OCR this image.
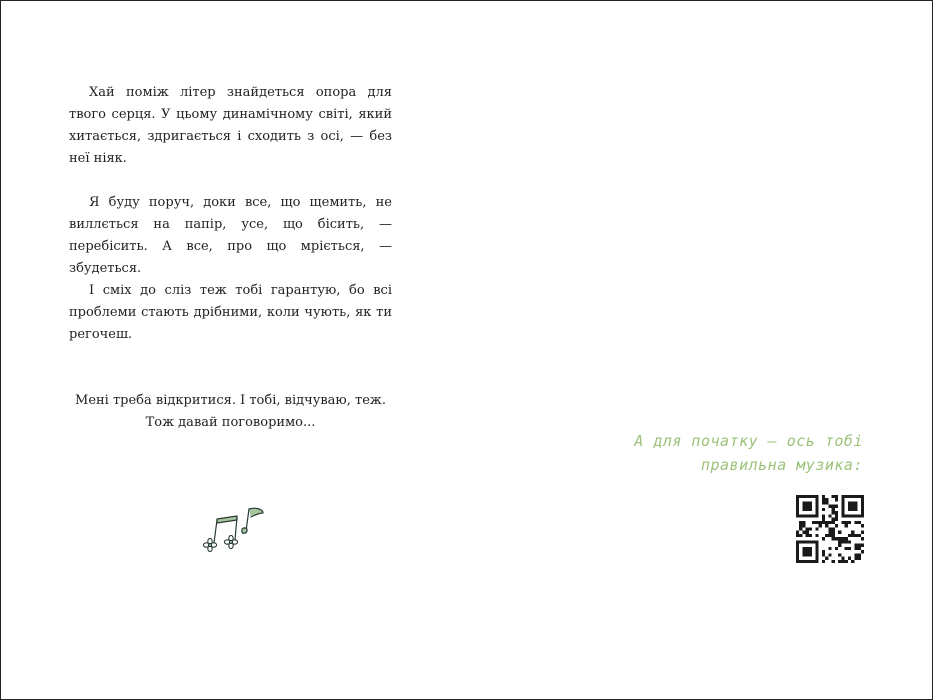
Хай поміж літер знайдеться опора для твого серця. У цьому динамічному світі, який хитається, здригається і сходить з осі, — без неї ніяк.

Я буду поруч, доки все, що щемить, не виллється на папір, усе, що бісить, — перебісить. А все, про що мріється, — збудеться.

І сміх до сліз теж тобі гарантую, бо всі проблеми стають дрібними, коли чують, як ти регочеш.

Мені треба відкритися. І тобі, відчуваю, теж.

Тож давай поговоримо...

А для початку — ось тобі
правильна музика:
